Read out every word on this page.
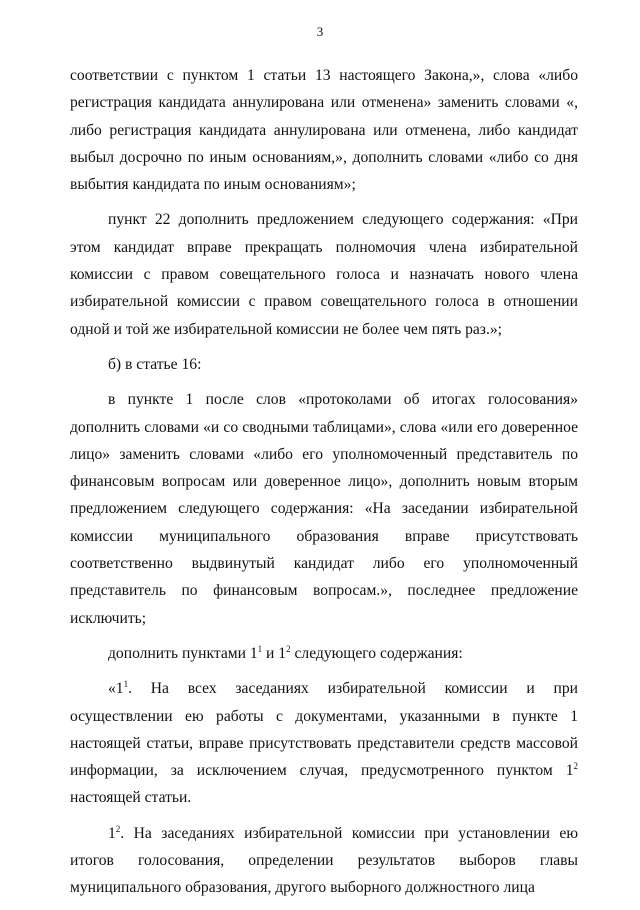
3

соответствии с пунктом 1 статьи 13 настоящего Закона,», слова «либо регистрация кандидата аннулирована или отменена» заменить словами «, либо регистрация кандидата аннулирована или отменена, либо кандидат выбыл досрочно по иным основаниям,», дополнить словами «либо со дня выбытия кандидата по иным основаниям»;

пункт 22 дополнить предложением следующего содержания: «При этом кандидат вправе прекращать полномочия члена избирательной комиссии с правом совещательного голоса и назначать нового члена избирательной комиссии с правом совещательного голоса в отношении одной и той же избирательной комиссии не более чем пять раз.»;

б) в статье 16:

в пункте 1 после слов «протоколами об итогах голосования» дополнить словами «и со сводными таблицами», слова «или его доверенное лицо» заменить словами «либо его уполномоченный представитель по финансовым вопросам или доверенное лицо», дополнить новым вторым предложением следующего содержания: «На заседании избирательной комиссии муниципального образования вправе присутствовать соответственно выдвинутый кандидат либо его уполномоченный представитель по финансовым вопросам.», последнее предложение исключить;

дополнить пунктами $1^1$ и $1^2$ следующего содержания:

«$1^1$. На всех заседаниях избирательной комиссии и при осуществлении ею работы с документами, указанными в пункте 1 настоящей статьи, вправе присутствовать представители средств массовой информации, за исключением случая, предусмотренного пунктом $1^2$ настоящей статьи.

$1^2$. На заседаниях избирательной комиссии при установлении ею итогов голосования, определении результатов выборов главы муниципального образования, другого выборного должностного лица
